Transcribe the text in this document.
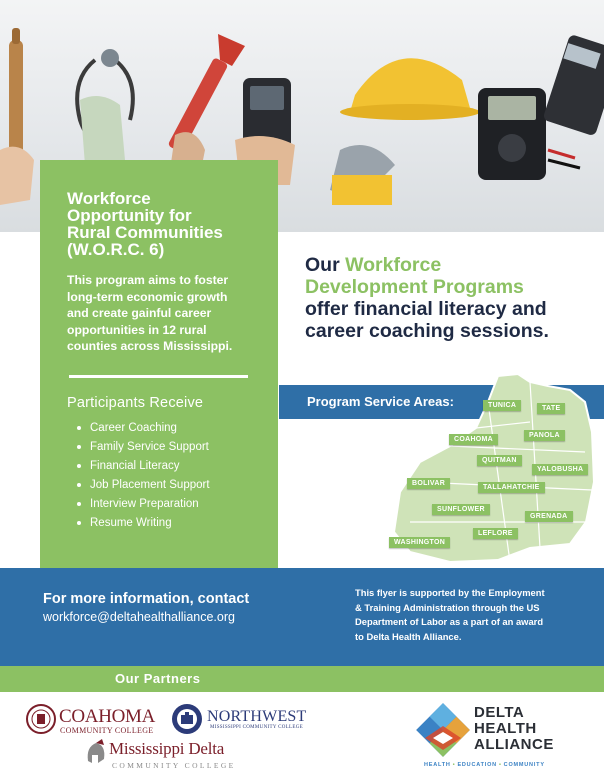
Workforce
Opportunity for
Rural Communities
(W.O.R.C. 6)
This program aims to foster
long-term economic growth
and create gainful career
opportunities in 12 rural
counties across Mississippi.
Participants Receive
Career Coaching
Family Service Support
Financial Literacy
Job Placement Support
Interview Preparation
Resume Writing
Our Workforce
Development Programs
offer financial literacy and
career coaching sessions.
Program Service Areas:	TUNICA	TATE
COAHOMA
PANOLA
QUITMAN
YALOBUSHA
BOLIVAR
TALLAHATCHIE
SUNFLOWER
GRENADA
WASHINGTON
LEFLORE
For more information, contact
workforce@deltahealthalliance.org
This flyer is supported by the Employment
& Training Administration through the US
Department of Labor as a part of an award
to Delta Health Alliance.
Our Partners
COAHOMA
COMMUNITY COLLEGE
NORTHWEST
MISSISSIPPI COMMUNITY COLLEGE
Mississippi Delta
COMMUNITY COLLEGE
DELTA
HEALTH
ALLIANCE
HEALTH • EDUCATION • COMMUNITY
